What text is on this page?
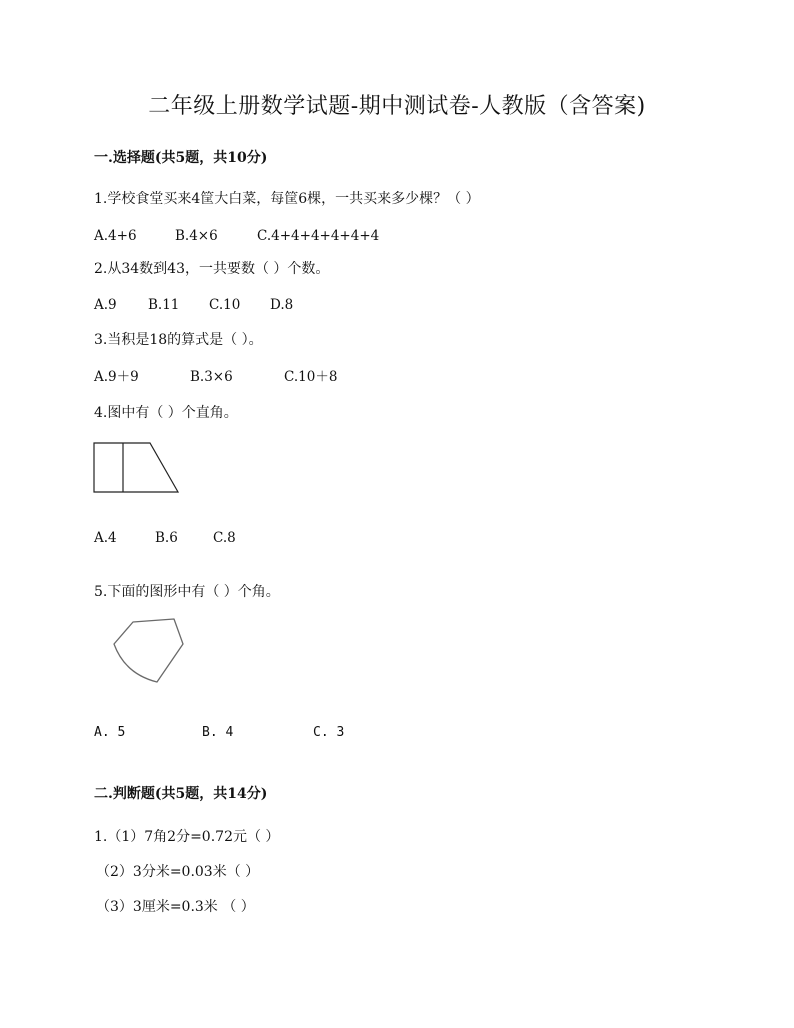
二年级上册数学试题-期中测试卷-人教版（含答案)
一.选择题(共5题，共10分)
1.学校食堂买来4筐大白菜，每筐6棵，一共买来多少棵？（ ）
A.4+6	B.4×6	C.4+4+4+4+4+4
2.从34数到43，一共要数（ ）个数。
A.9 B.11 C.10 D.8
3.当积是18的算式是（ ）。
A.9＋9	B.3×6	C.10＋8
4.图中有（ ）个直角。
A.4	B.6	C.8
5.下面的图形中有（ ）个角。
A. 5	B. 4	C. 3
二.判断题(共5题，共14分)
1.（1）7角2分=0.72元（ ）
（2）3分米=0.03米（ ）
（3）3厘米=0.3米 （ ）
